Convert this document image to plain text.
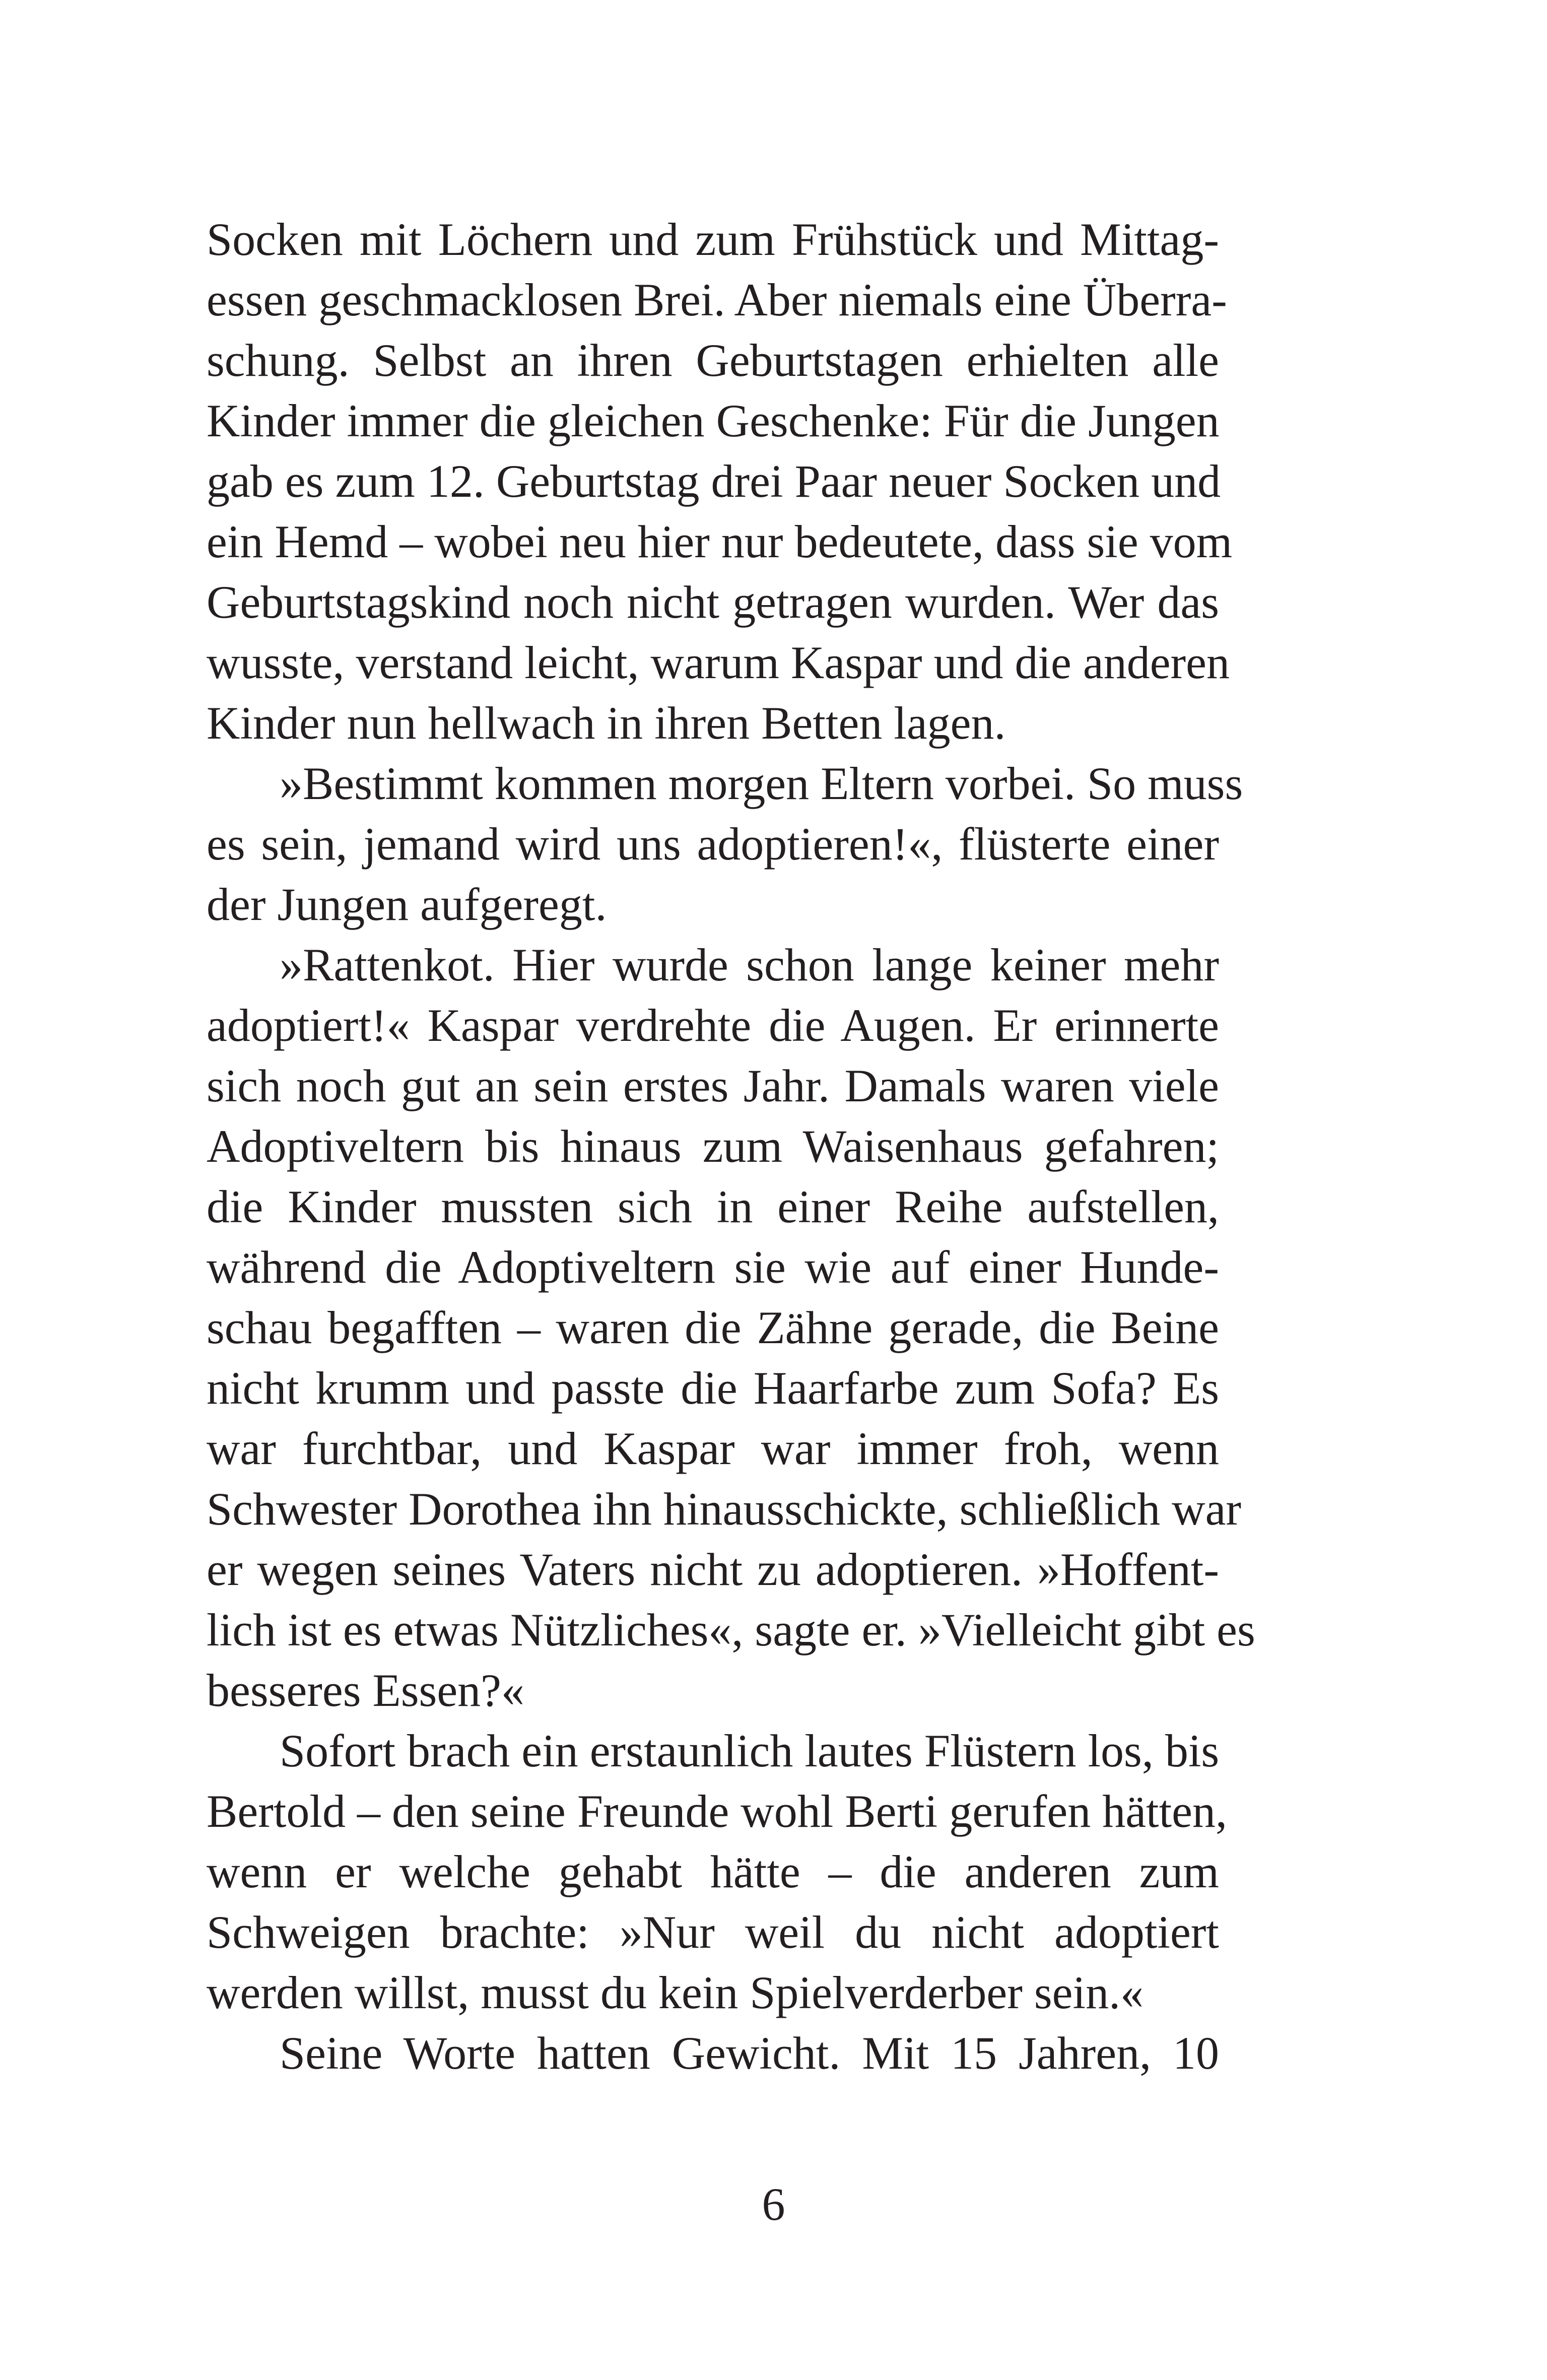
Socken mit Löchern und zum Frühstück und Mittag-
essen geschmacklosen Brei. Aber niemals eine Überra-
schung. Selbst an ihren Geburtstagen erhielten alle
Kinder immer die gleichen Geschenke: Für die Jungen
gab es zum 12. Geburtstag drei Paar neuer Socken und
ein Hemd – wobei neu hier nur bedeutete, dass sie vom
Geburtstagskind noch nicht getragen wurden. Wer das
wusste, verstand leicht, warum Kaspar und die anderen
Kinder nun hellwach in ihren Betten lagen.
»Bestimmt kommen morgen Eltern vorbei. So muss
es sein, jemand wird uns adoptieren!«, flüsterte einer
der Jungen aufgeregt.
»Rattenkot. Hier wurde schon lange keiner mehr
adoptiert!« Kaspar verdrehte die Augen. Er erinnerte
sich noch gut an sein erstes Jahr. Damals waren viele
Adoptiveltern bis hinaus zum Waisenhaus gefahren;
die Kinder mussten sich in einer Reihe aufstellen,
während die Adoptiveltern sie wie auf einer Hunde-
schau begafften – waren die Zähne gerade, die Beine
nicht krumm und passte die Haarfarbe zum Sofa? Es
war furchtbar, und Kaspar war immer froh, wenn
Schwester Dorothea ihn hinausschickte, schließlich war
er wegen seines Vaters nicht zu adoptieren. »Hoffent-
lich ist es etwas Nützliches«, sagte er. »Vielleicht gibt es
besseres Essen?«
Sofort brach ein erstaunlich lautes Flüstern los, bis
Bertold – den seine Freunde wohl Berti gerufen hätten,
wenn er welche gehabt hätte – die anderen zum
Schweigen brachte: »Nur weil du nicht adoptiert
werden willst, musst du kein Spielverderber sein.«
Seine Worte hatten Gewicht. Mit 15 Jahren, 10
6
